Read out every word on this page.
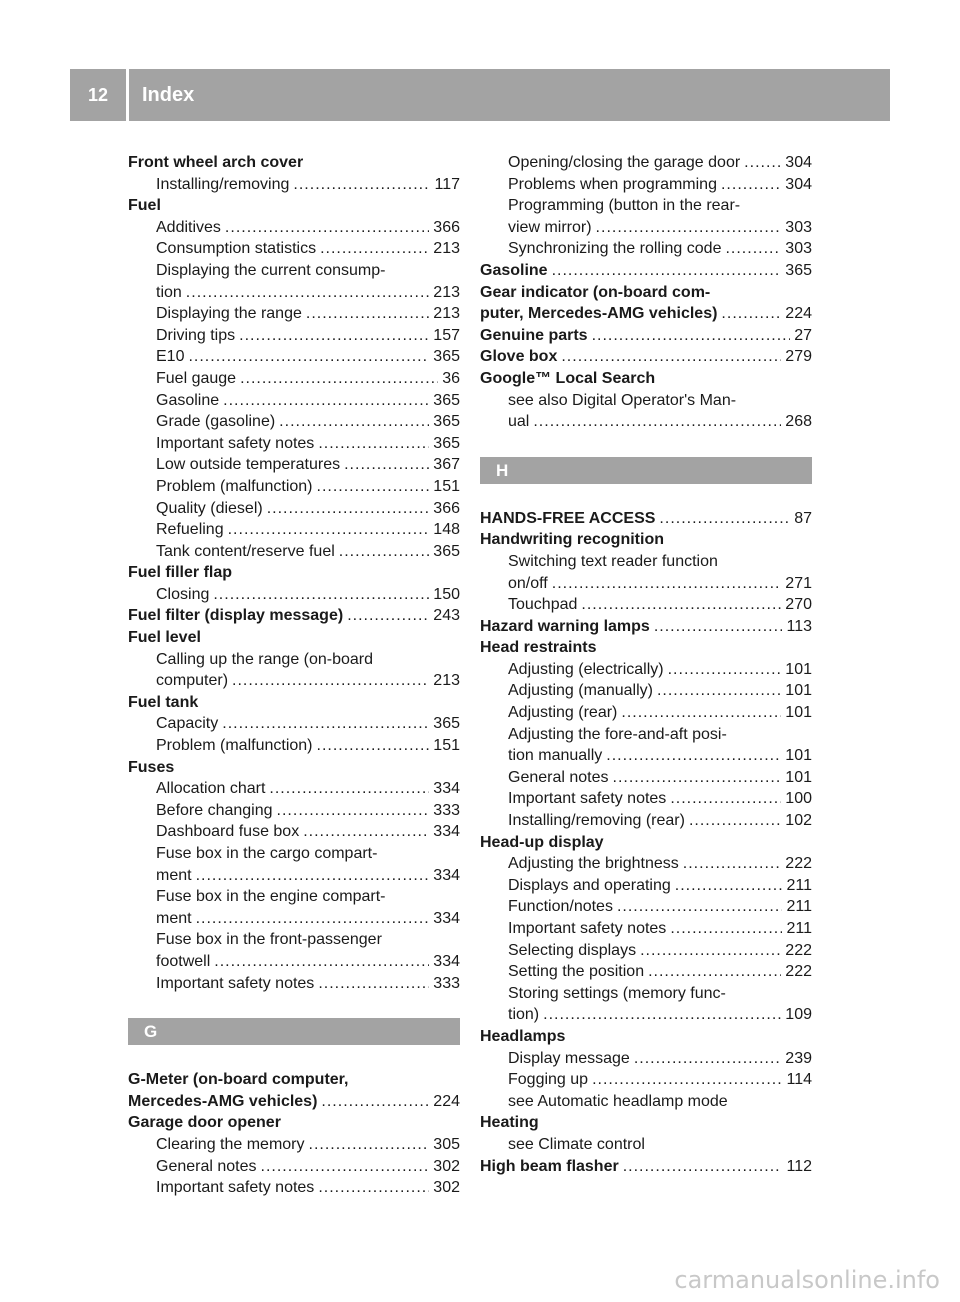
12	Index
Front wheel arch cover
Installing/removing .....	117
Fuel
Additives .....	366
Consumption statistics .....	213
Displaying the current consump-
tion .....	213
Displaying the range .....	213
Driving tips .....	157
E10 .....	365
Fuel gauge .....	36
Gasoline .....	365
Grade (gasoline) .....	365
Important safety notes .....	365
Low outside temperatures .....	367
Problem (malfunction) .....	151
Quality (diesel) .....	366
Refueling .....	148
Tank content/reserve fuel .....	365
Fuel filler flap
Closing .....	150
Fuel filter (display message) .....	243
Fuel level
Calling up the range (on-board
computer) .....	213
Fuel tank
Capacity .....	365
Problem (malfunction) .....	151
Fuses
Allocation chart .....	334
Before changing .....	333
Dashboard fuse box .....	334
Fuse box in the cargo compart-
ment .....	334
Fuse box in the engine compart-
ment .....	334
Fuse box in the front-passenger
footwell .....	334
Important safety notes .....	333
G
G-Meter (on-board computer,
Mercedes-AMG vehicles) .....	224
Garage door opener
Clearing the memory .....	305
General notes .....	302
Important safety notes .....	302
Opening/closing the garage door .....	304
Problems when programming .....	304
Programming (button in the rear-
view mirror) .....	303
Synchronizing the rolling code .....	303
Gasoline .....	365
Gear indicator (on-board com-
puter, Mercedes-AMG vehicles) .....	224
Genuine parts .....	27
Glove box .....	279
Google™ Local Search
see also Digital Operator's Man-
ual .....	268
H
HANDS-FREE ACCESS .....	87
Handwriting recognition
Switching text reader function
on/off .....	271
Touchpad .....	270
Hazard warning lamps .....	113
Head restraints
Adjusting (electrically) .....	101
Adjusting (manually) .....	101
Adjusting (rear) .....	101
Adjusting the fore-and-aft posi-
tion manually .....	101
General notes .....	101
Important safety notes .....	100
Installing/removing (rear) .....	102
Head-up display
Adjusting the brightness .....	222
Displays and operating .....	211
Function/notes .....	211
Important safety notes .....	211
Selecting displays .....	222
Setting the position .....	222
Storing settings (memory func-
tion) .....	109
Headlamps
Display message .....	239
Fogging up .....	114
see Automatic headlamp mode
Heating
see Climate control
High beam flasher .....	112
carmanualsonline.info
